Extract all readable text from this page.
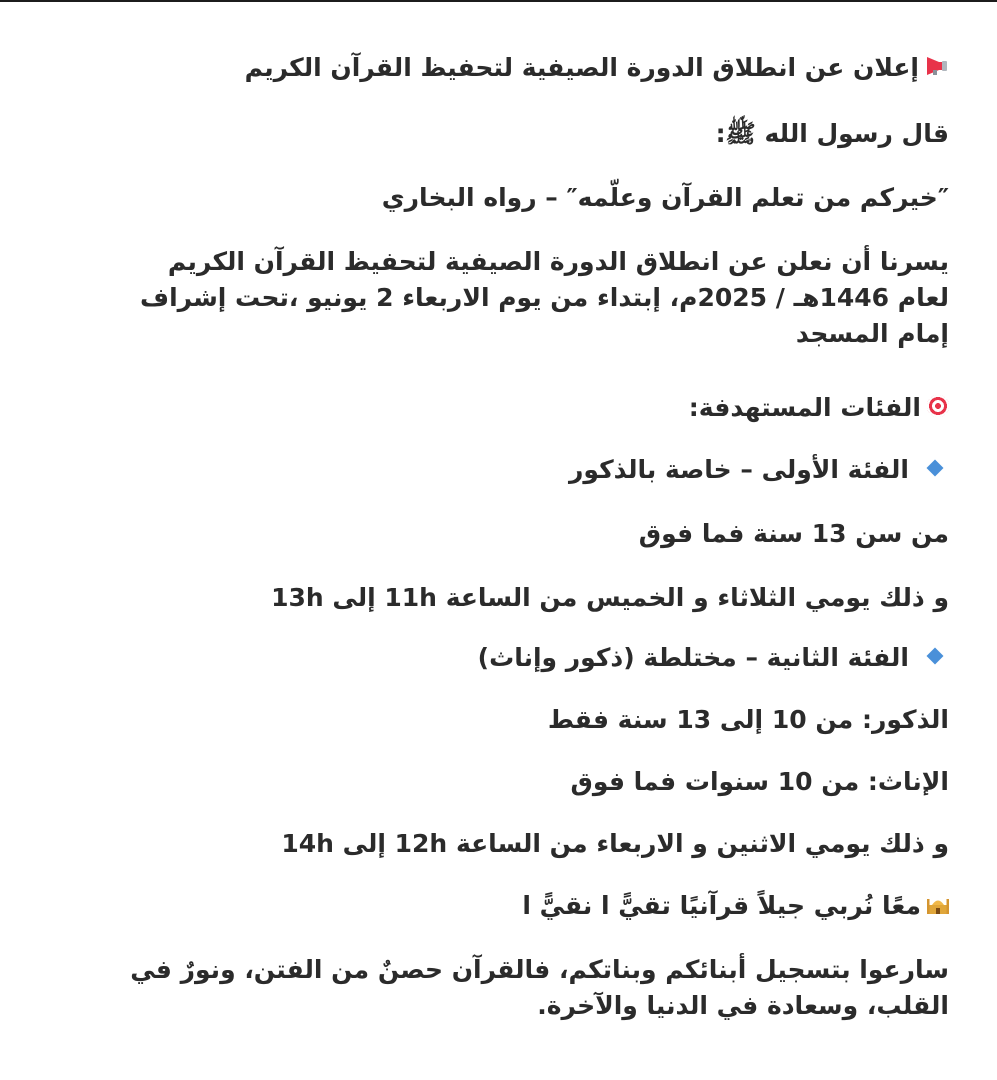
إعلان عن انطلاق الدورة الصيفية لتحفيظ القرآن الكريم
قال رسول الله ﷺ:
″خيركم من تعلم القرآن وعلّمه″ – رواه البخاري
يسرنا أن نعلن عن انطلاق الدورة الصيفية لتحفيظ القرآن الكريم لعام 1446هـ / 2025م، إبتداء من يوم الاربعاء 2 يونيو ،تحت إشراف إمام المسجد
الفئات المستهدفة:
الفئة الأولى – خاصة بالذكور
من سن 13 سنة فما فوق
و ذلك يومي الثلاثاء و الخميس من الساعة 11h إلى 13h
الفئة الثانية – مختلطة (ذكور وإناث)
الذكور: من 10 إلى 13 سنة فقط
الإناث: من 10 سنوات فما فوق
و ذلك يومي الاثنين و الاربعاء من الساعة 12h إلى 14h
معًا نُربي جيلاً قرآنيًا تقيًّ ا نقيًّ ا
سارعوا بتسجيل أبنائكم وبناتكم، فالقرآن حصنٌ من الفتن، ونورٌ في القلب، وسعادة في الدنيا والآخرة.
